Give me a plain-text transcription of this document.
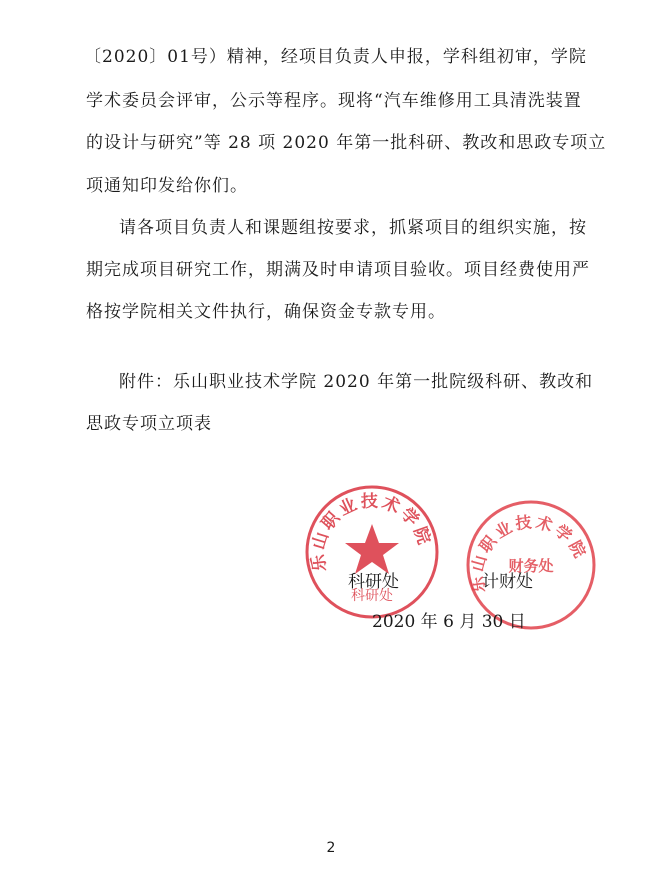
〔2020〕01号）精神，经项目负责人申报，学科组初审，学院
学术委员会评审，公示等程序。现将“汽车维修用工具清洗装置
的设计与研究”等 28 项 2020 年第一批科研、教改和思政专项立
项通知印发给你们。
请各项目负责人和课题组按要求，抓紧项目的组织实施，按
期完成项目研究工作，期满及时申请项目验收。项目经费使用严
格按学院相关文件执行，确保资金专款专用。
附件：乐山职业技术学院 2020 年第一批院级科研、教改和
思政专项立项表
乐山职业技术学院
科研处
乐山职业技术学院
财务处
科研处	计财处
2020 年 6 月 30 日
2
